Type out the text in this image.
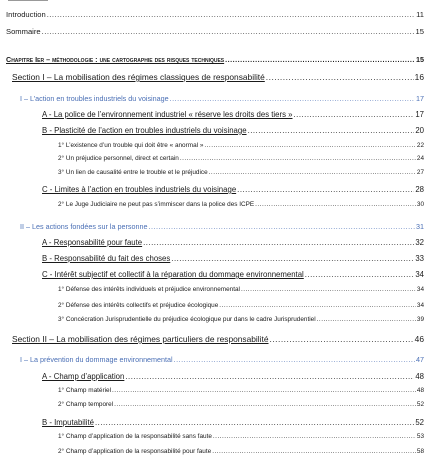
Introduction .....	11
Sommaire .....	15
Chapitre Ier – méthodologie : une cartographie des risques techniques .....	15
Section I – La mobilisation des régimes classiques de responsabilité .....	16
I – L’action en troubles industriels du voisinage .....	17
A - La police de l’environnement industriel « réserve les droits des tiers » .....	17
B - Plasticité de l’action en troubles industriels du voisinage .....	20
1° L’existence d’un trouble qui doit être « anormal » .....	22
2° Un préjudice personnel, direct et certain .....	24
3° Un lien de causalité entre le trouble et le préjudice .....	27
C - Limites à l’action en troubles industriels du voisinage .....	28
2° Le Juge Judiciaire ne peut pas s’immiscer dans la police des ICPE .....	30
II – Les actions fondées sur la personne .....	31
A - Responsabilité pour faute .....	32
B - Responsabilité du fait des choses .....	33
C - Intérêt subjectif et collectif à la réparation du dommage environnemental .....	34
1° Défense des intérêts individuels et préjudice environnemental .....	34
2° Défense des intérêts collectifs et préjudice écologique .....	34
3° Concécration Jurisprudentielle du préjudice écologique pur dans le cadre Jurisprudentiel .....	39
Section II – La mobilisation des régimes particuliers de responsabilité .....	46
I – La prévention du dommage environnemental .....	47
A - Champ d’application .....	48
1° Champ matériel .....	48
2° Champ temporel .....	52
B - Imputabilité .....	52
1° Champ d’application de la responsabilité sans faute .....	53
2° Champ d’application de la responsabilité pour faute .....	58
